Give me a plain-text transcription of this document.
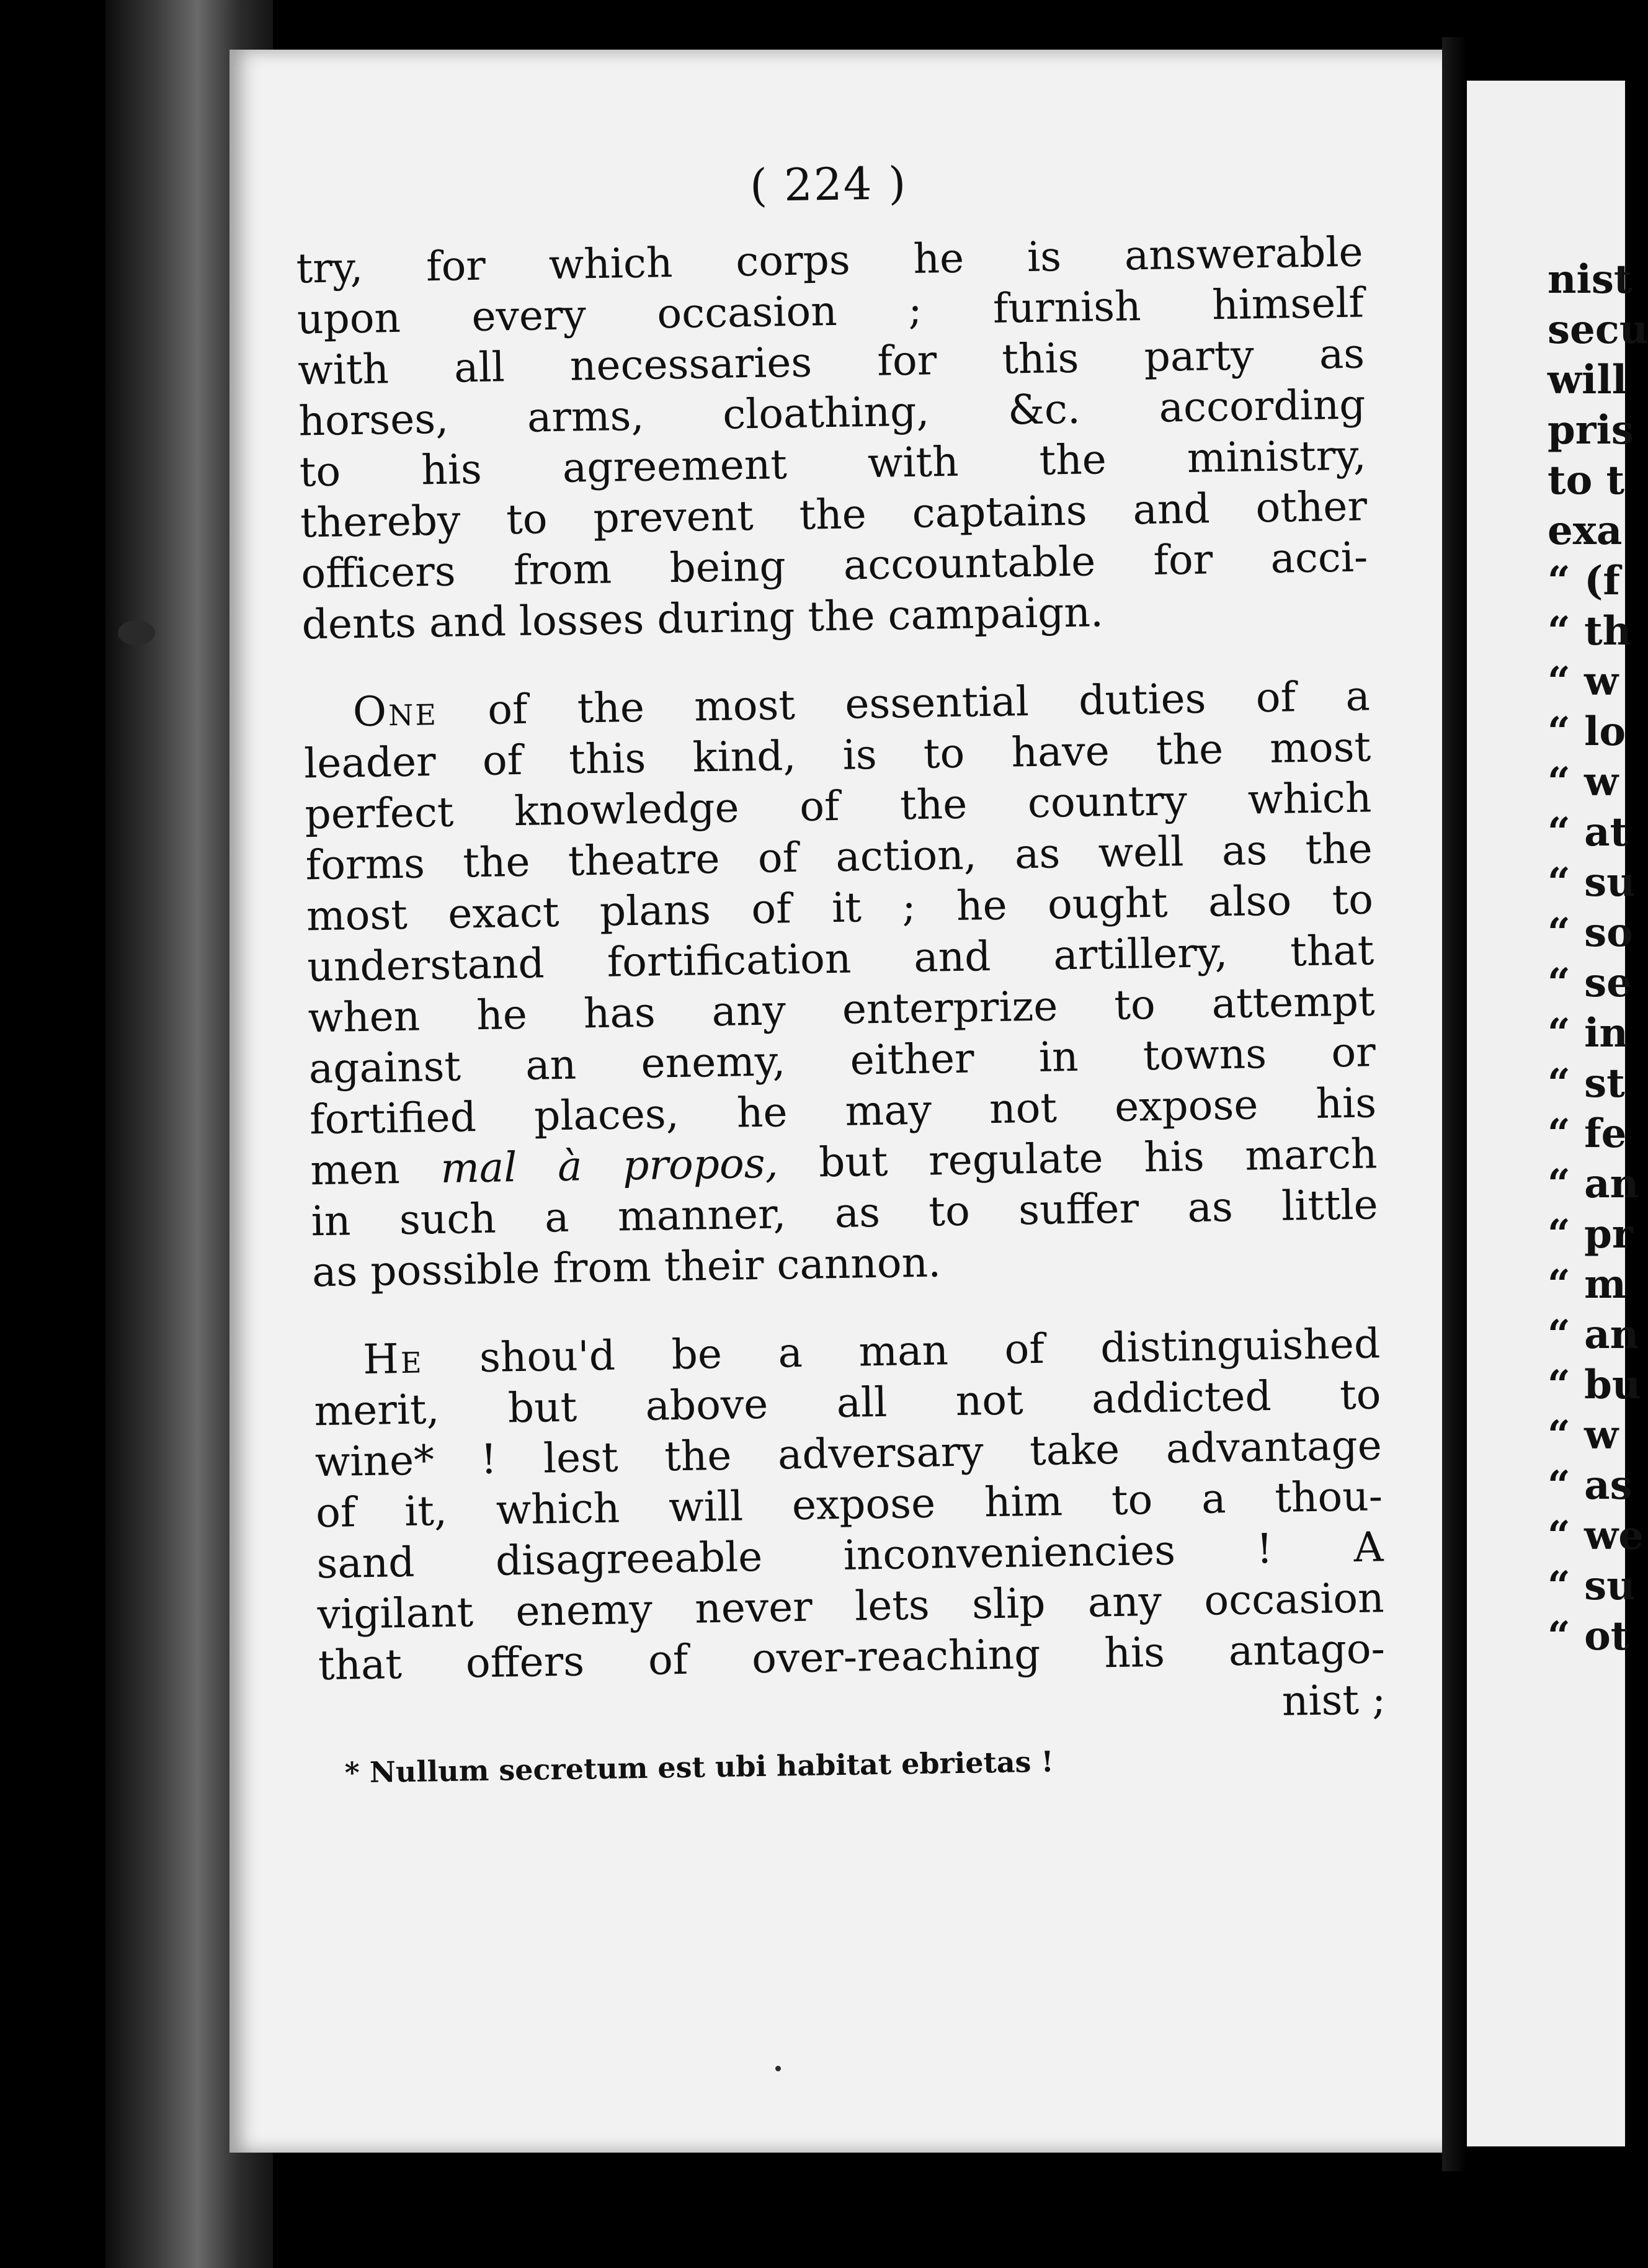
nist
secu
will
pris
to t
exa
“ (f
“ th
“ w
“ lo
“ w
“ at
“ su
“ so
“ se
“ in
“ st
“ fe
“ an
“ pr
“ m
“ an
“ bu
“ w
“ as
“ we
“ su
“ ot
( 224 )
try, for which corps he is answerable
upon every occasion ; furnish himself
with all necessaries for this party as
horses, arms, cloathing, &c. according
to his agreement with the ministry,
thereby to prevent the captains and other
officers from being accountable for acci-
dents and losses during the campaign.
One of the most essential duties of a
leader of this kind, is to have the most
perfect knowledge of the country which
forms the theatre of action, as well as the
most exact plans of it ; he ought also to
understand fortification and artillery, that
when he has any enterprize to attempt
against an enemy, either in towns or
fortified places, he may not expose his
men mal à propos, but regulate his march
in such a manner, as to suffer as little
as possible from their cannon.
He shou'd be a man of distinguished
merit, but above all not addicted to
wine* ! lest the adversary take advantage
of it, which will expose him to a thou-
sand disagreeable inconveniencies ! A
vigilant enemy never lets slip any occasion
that offers of over-reaching his antago-
nist ;
* Nullum secretum est ubi habitat ebrietas !
